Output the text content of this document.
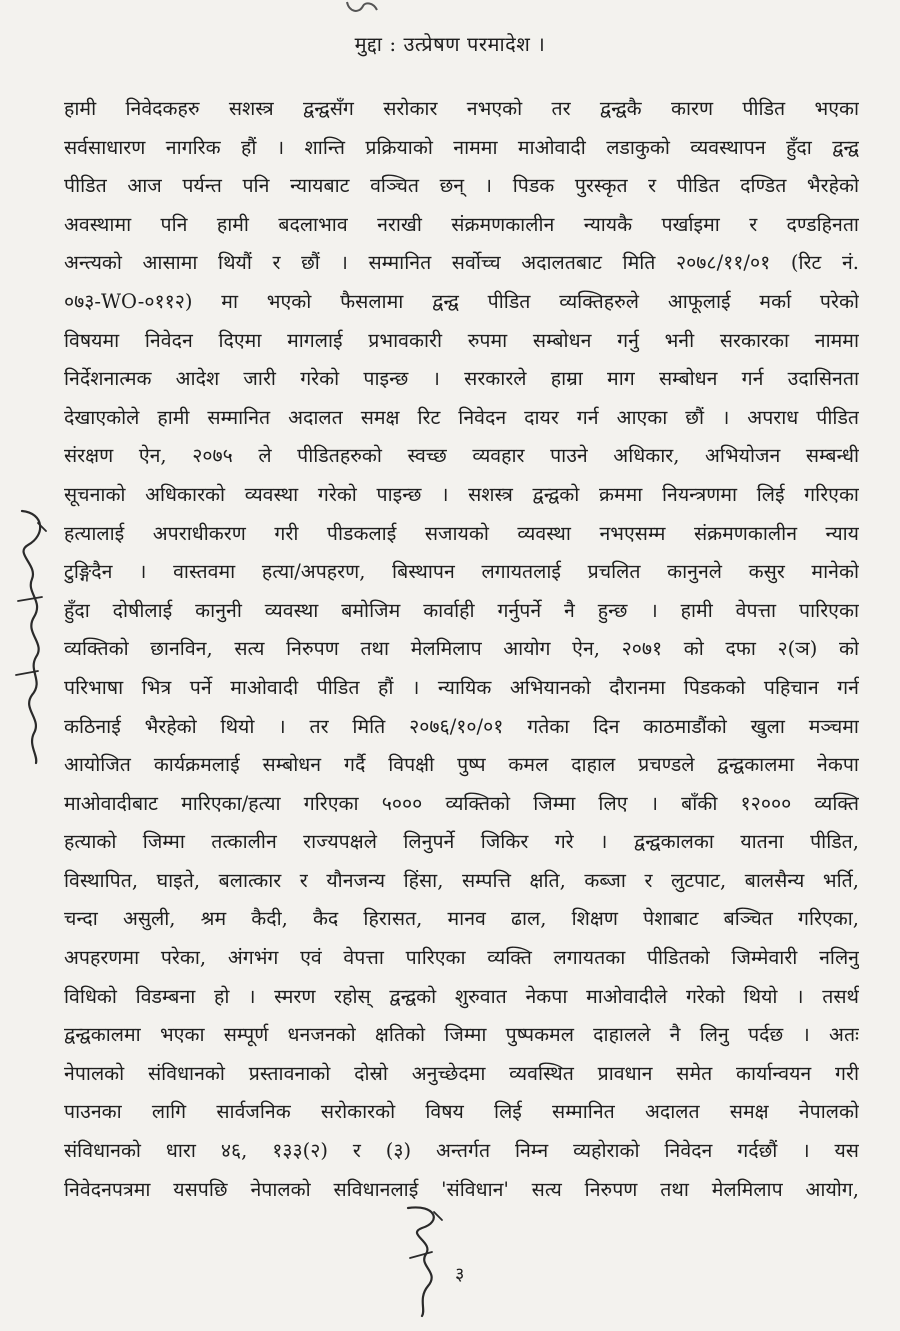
मुद्दा : उत्प्रेषण परमादेश ।
हामी निवेदकहरु सशस्त्र द्वन्द्वसँग सरोकार नभएको तर द्वन्द्वकै कारण पीडित भएका
सर्वसाधारण नागरिक हौं । शान्ति प्रक्रियाको नाममा माओवादी लडाकुको व्यवस्थापन हुँदा द्वन्द्व
पीडित आज पर्यन्त पनि न्यायबाट वञ्चित छन् । पिडक पुरस्कृत र पीडित दण्डित भैरहेको
अवस्थामा पनि हामी बदलाभाव नराखी संक्रमणकालीन न्यायकै पर्खाइमा र दण्डहिनता
अन्त्यको आसामा थियौं र छौं । सम्मानित सर्वोच्च अदालतबाट मिति २०७८/११/०१ (रिट नं.
०७३-WO-०११२) मा भएको फैसलामा द्वन्द्व पीडित व्यक्तिहरुले आफूलाई मर्का परेको
विषयमा निवेदन दिएमा मागलाई प्रभावकारी रुपमा सम्बोधन गर्नु भनी सरकारका नाममा
निर्देशनात्मक आदेश जारी गरेको पाइन्छ । सरकारले हाम्रा माग सम्बोधन गर्न उदासिनता
देखाएकोले हामी सम्मानित अदालत समक्ष रिट निवेदन दायर गर्न आएका छौं । अपराध पीडित
संरक्षण ऐन, २०७५ ले पीडितहरुको स्वच्छ व्यवहार पाउने अधिकार, अभियोजन सम्बन्धी
सूचनाको अधिकारको व्यवस्था गरेको पाइन्छ । सशस्त्र द्वन्द्वको क्रममा नियन्त्रणमा लिई गरिएका
हत्यालाई अपराधीकरण गरी पीडकलाई सजायको व्यवस्था नभएसम्म संक्रमणकालीन न्याय
टुङ्गिदैन । वास्तवमा हत्या/अपहरण, बिस्थापन लगायतलाई प्रचलित कानुनले कसुर मानेको
हुँदा दोषीलाई कानुनी व्यवस्था बमोजिम कार्वाही गर्नुपर्ने नै हुन्छ । हामी वेपत्ता पारिएका
व्यक्तिको छानविन, सत्य निरुपण तथा मेलमिलाप आयोग ऐन, २०७१ को दफा २(ञ) को
परिभाषा भित्र पर्ने माओवादी पीडित हौं । न्यायिक अभियानको दौरानमा पिडकको पहिचान गर्न
कठिनाई भैरहेको थियो । तर मिति २०७६/१०/०१ गतेका दिन काठमाडौंको खुला मञ्चमा
आयोजित कार्यक्रमलाई सम्बोधन गर्दै विपक्षी पुष्प कमल दाहाल प्रचण्डले द्वन्द्वकालमा नेकपा
माओवादीबाट मारिएका/हत्या गरिएका ५००० व्यक्तिको जिम्मा लिए । बाँकी १२००० व्यक्ति
हत्याको जिम्मा तत्कालीन राज्यपक्षले लिनुपर्ने जिकिर गरे । द्वन्द्वकालका यातना पीडित,
विस्थापित, घाइते, बलात्कार र यौनजन्य हिंसा, सम्पत्ति क्षति, कब्जा र लुटपाट, बालसैन्य भर्ति,
चन्दा असुली, श्रम कैदी, कैद हिरासत, मानव ढाल, शिक्षण पेशाबाट बञ्चित गरिएका,
अपहरणमा परेका, अंगभंग एवं वेपत्ता पारिएका व्यक्ति लगायतका पीडितको जिम्मेवारी नलिनु
विधिको विडम्बना हो । स्मरण रहोस् द्वन्द्वको शुरुवात नेकपा माओवादीले गरेको थियो । तसर्थ
द्वन्द्वकालमा भएका सम्पूर्ण धनजनको क्षतिको जिम्मा पुष्पकमल दाहालले नै लिनु पर्दछ । अतः
नेपालको संविधानको प्रस्तावनाको दोस्रो अनुच्छेदमा व्यवस्थित प्रावधान समेत कार्यान्वयन गरी
पाउनका लागि सार्वजनिक सरोकारको विषय लिई सम्मानित अदालत समक्ष नेपालको
संविधानको धारा ४६, १३३(२) र (३) अन्तर्गत निम्न व्यहोराको निवेदन गर्दछौं । यस
निवेदनपत्रमा यसपछि नेपालको सविधानलाई 'संविधान' सत्य निरुपण तथा मेलमिलाप आयोग,
३
